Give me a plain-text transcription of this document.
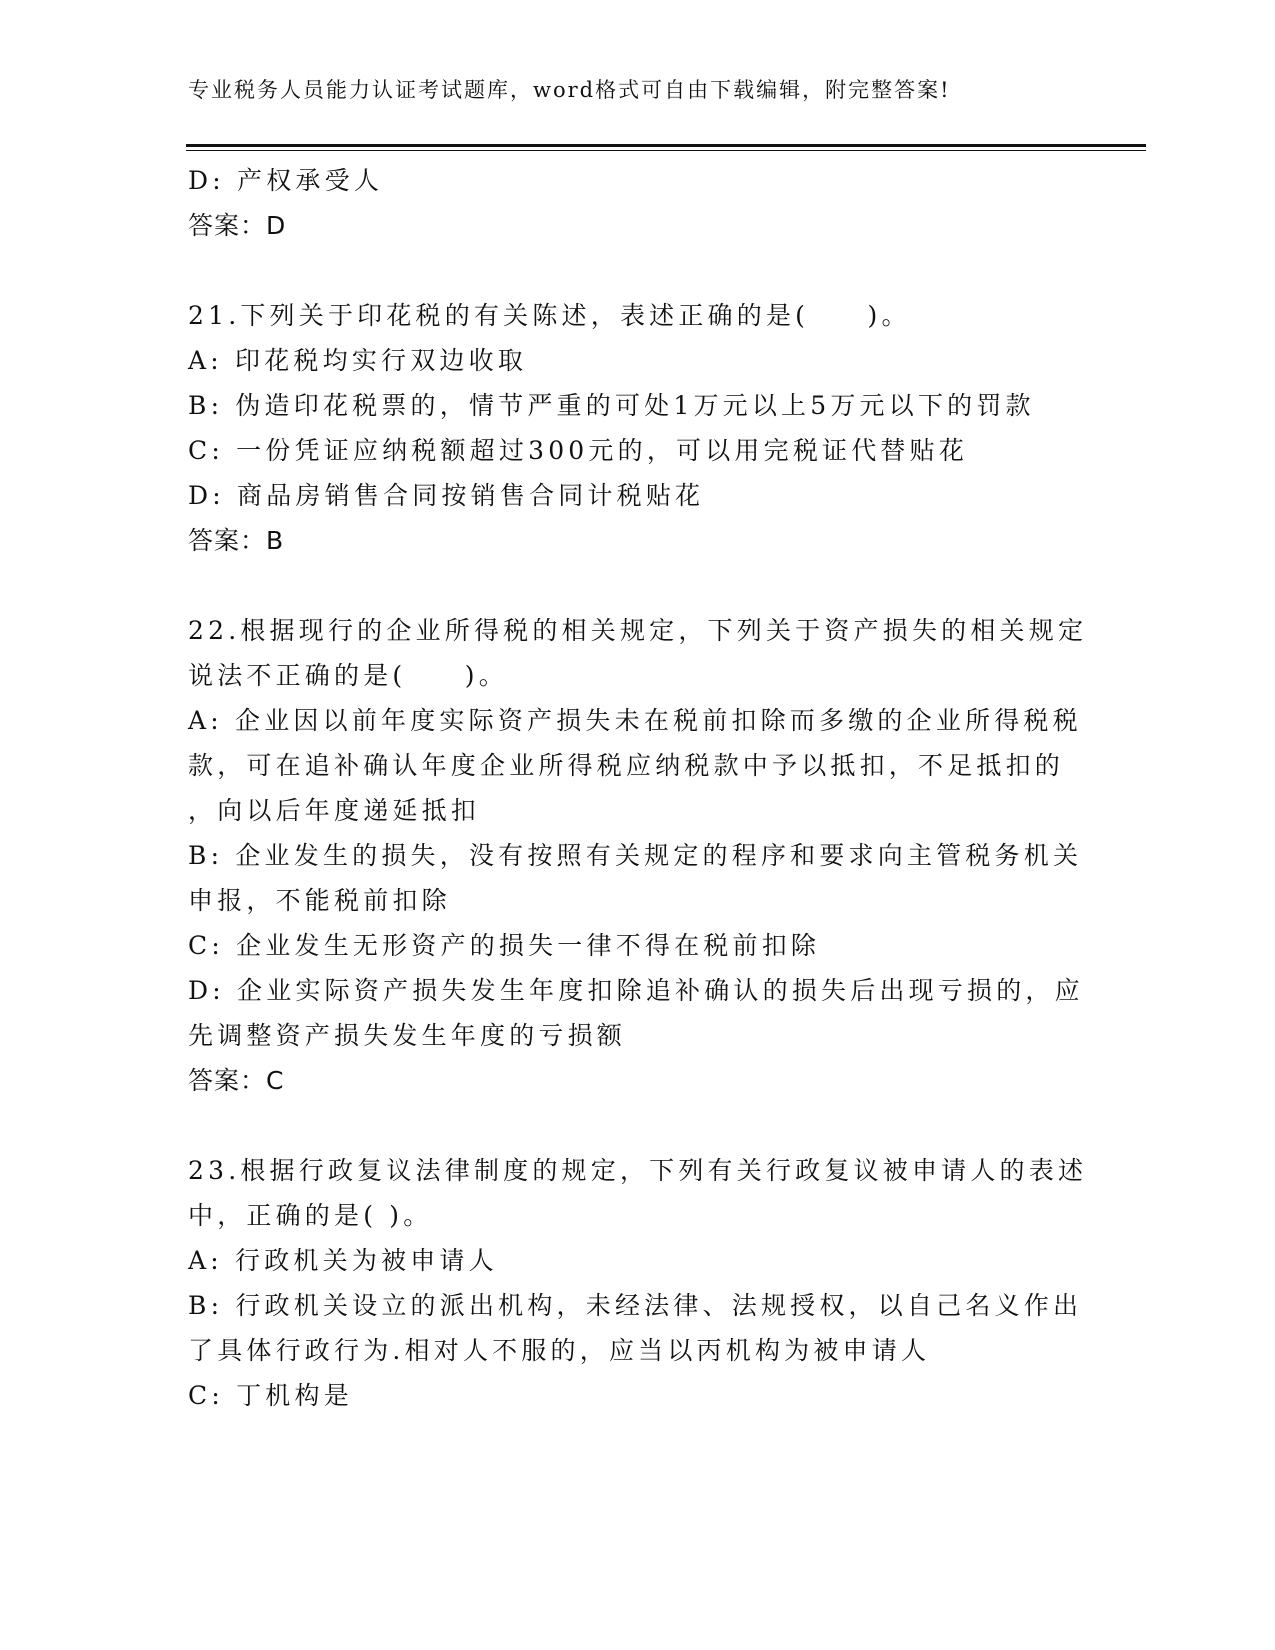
专业税务人员能力认证考试题库，word格式可自由下载编辑，附完整答案!
D: 产权承受人
答案：D
21.下列关于印花税的有关陈述，表述正确的是(　　)。
A: 印花税均实行双边收取
B: 伪造印花税票的，情节严重的可处1万元以上5万元以下的罚款
C: 一份凭证应纳税额超过300元的，可以用完税证代替贴花
D: 商品房销售合同按销售合同计税贴花
答案：B
22.根据现行的企业所得税的相关规定，下列关于资产损失的相关规定
说法不正确的是(　　)。
A: 企业因以前年度实际资产损失未在税前扣除而多缴的企业所得税税
款，可在追补确认年度企业所得税应纳税款中予以抵扣，不足抵扣的
，向以后年度递延抵扣
B: 企业发生的损失，没有按照有关规定的程序和要求向主管税务机关
申报，不能税前扣除
C: 企业发生无形资产的损失一律不得在税前扣除
D: 企业实际资产损失发生年度扣除追补确认的损失后出现亏损的，应
先调整资产损失发生年度的亏损额
答案：C
23.根据行政复议法律制度的规定，下列有关行政复议被申请人的表述
中，正确的是( )。
A: 行政机关为被申请人
B: 行政机关设立的派出机构，未经法律、法规授权，以自己名义作出
了具体行政行为.相对人不服的，应当以丙机构为被申请人
C: 丁机构是
